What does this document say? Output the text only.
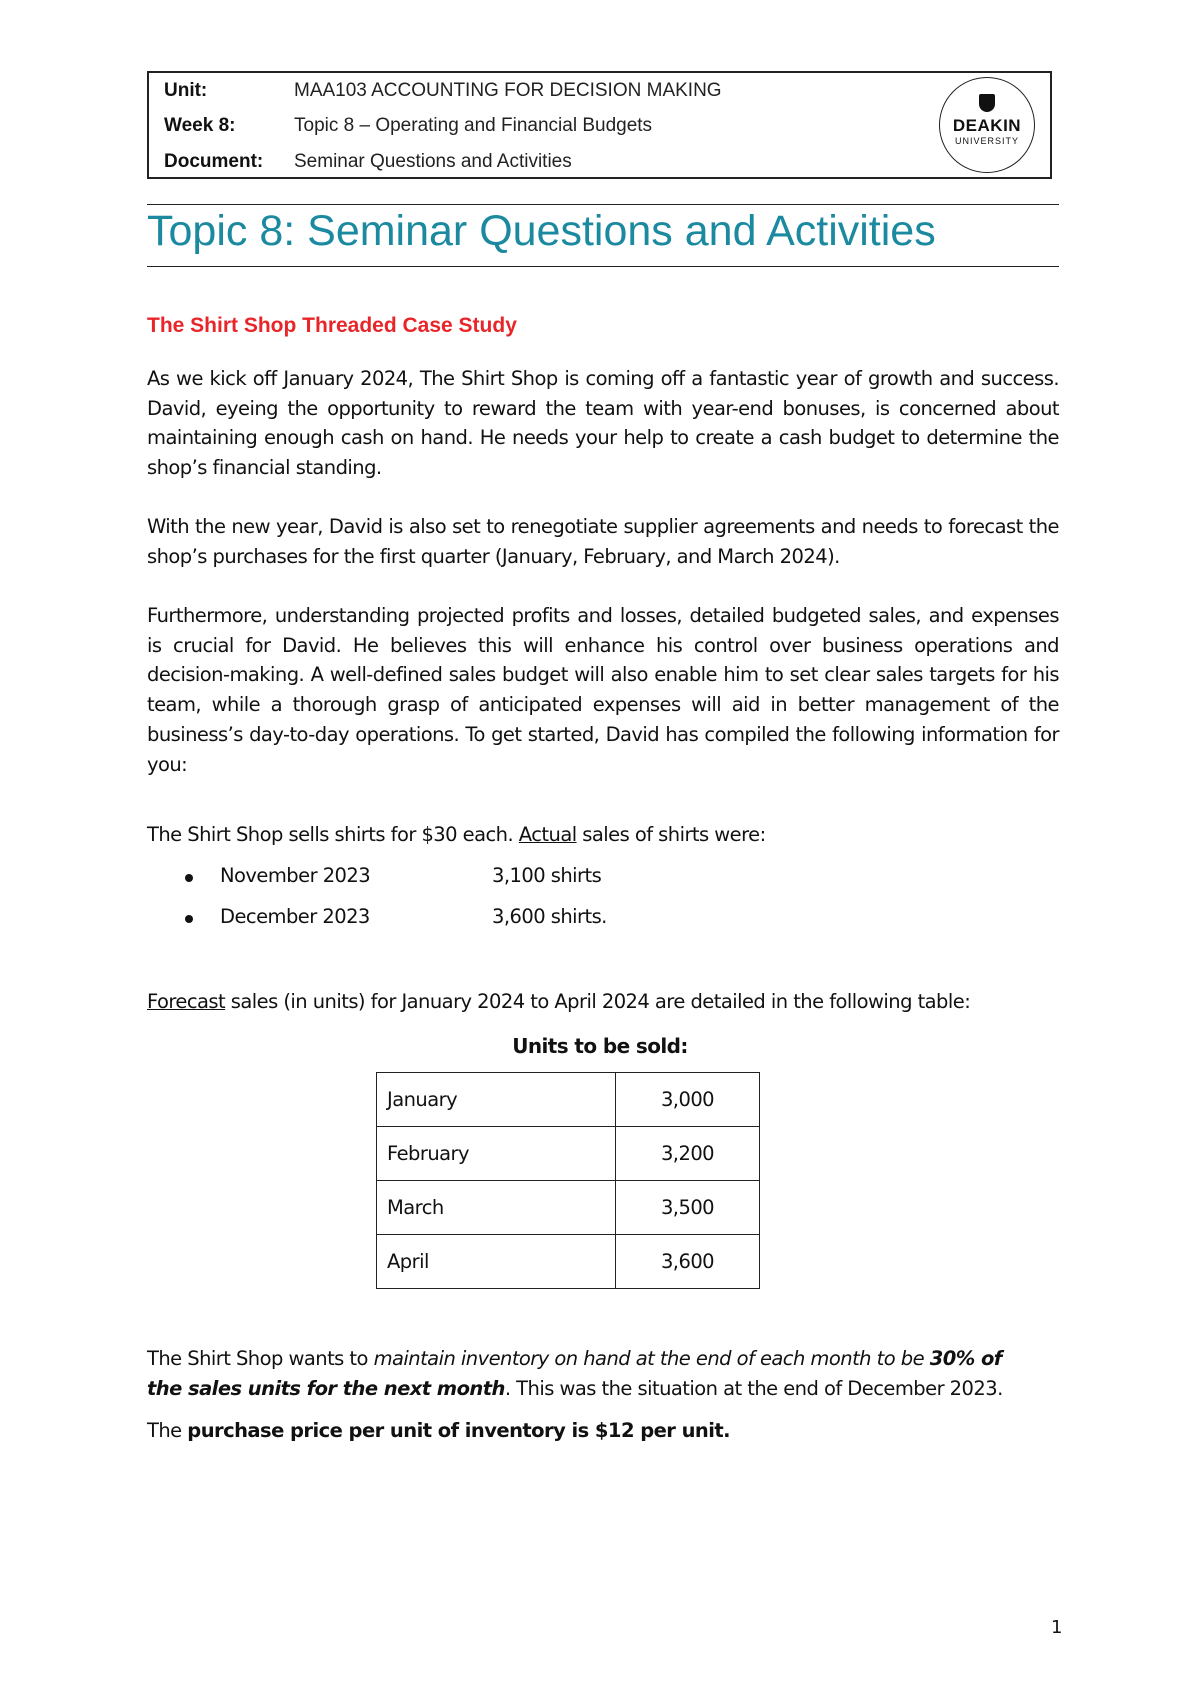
Unit:	MAA103 ACCOUNTING FOR DECISION MAKING
Week 8:	Topic 8 – Operating and Financial Budgets
Document: Seminar Questions and Activities
DEAKIN
UNIVERSITY
Topic 8: Seminar Questions and Activities
The Shirt Shop Threaded Case Study
As we kick off January 2024, The Shirt Shop is coming off a fantastic year of growth and success. David, eyeing the opportunity to reward the team with year-end bonuses, is concerned about maintaining enough cash on hand. He needs your help to create a cash budget to determine the shop’s financial standing.
With the new year, David is also set to renegotiate supplier agreements and needs to forecast the shop’s purchases for the first quarter (January, February, and March 2024).
Furthermore, understanding projected profits and losses, detailed budgeted sales, and expenses is crucial for David. He believes this will enhance his control over business operations and decision-making. A well-defined sales budget will also enable him to set clear sales targets for his team, while a thorough grasp of anticipated expenses will aid in better management of the business’s day-to-day operations. To get started, David has compiled the following information for you:
The Shirt Shop sells shirts for $30 each. Actual sales of shirts were:
November 2023	3,100 shirts
December 2023	3,600 shirts.
Forecast sales (in units) for January 2024 to April 2024 are detailed in the following table:
Units to be sold:
January	3,000
February	3,200
March	3,500
April	3,600
The Shirt Shop wants to maintain inventory on hand at the end of each month to be 30% of
the sales units for the next month. This was the situation at the end of December 2023.
The purchase price per unit of inventory is $12 per unit.
1
